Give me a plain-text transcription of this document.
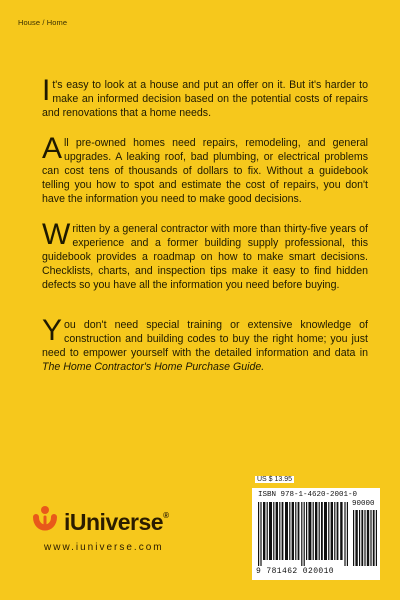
House / Home
It's easy to look at a house and put an offer on it. But it's harder to make an informed decision based on the potential costs of repairs and renovations that a home needs.
All pre-owned homes need repairs, remodeling, and general upgrades. A leaking roof, bad plumbing, or electrical problems can cost tens of thousands of dollars to fix. Without a guidebook telling you how to spot and estimate the cost of repairs, you don't have the information you need to make good decisions.
Written by a general contractor with more than thirty-five years of experience and a former building supply professional, this guidebook provides a roadmap on how to make smart decisions. Checklists, charts, and inspection tips make it easy to find hidden defects so you have all the information you need before buying.
You don't need special training or extensive knowledge of construction and building codes to buy the right home; you just need to empower yourself with the detailed information and data in The Home Contractor's Home Purchase Guide.
iUniverse®
www.iuniverse.com
US $ 13.95
ISBN 978-1-4620-2001-0
90000
9 781462 020010
